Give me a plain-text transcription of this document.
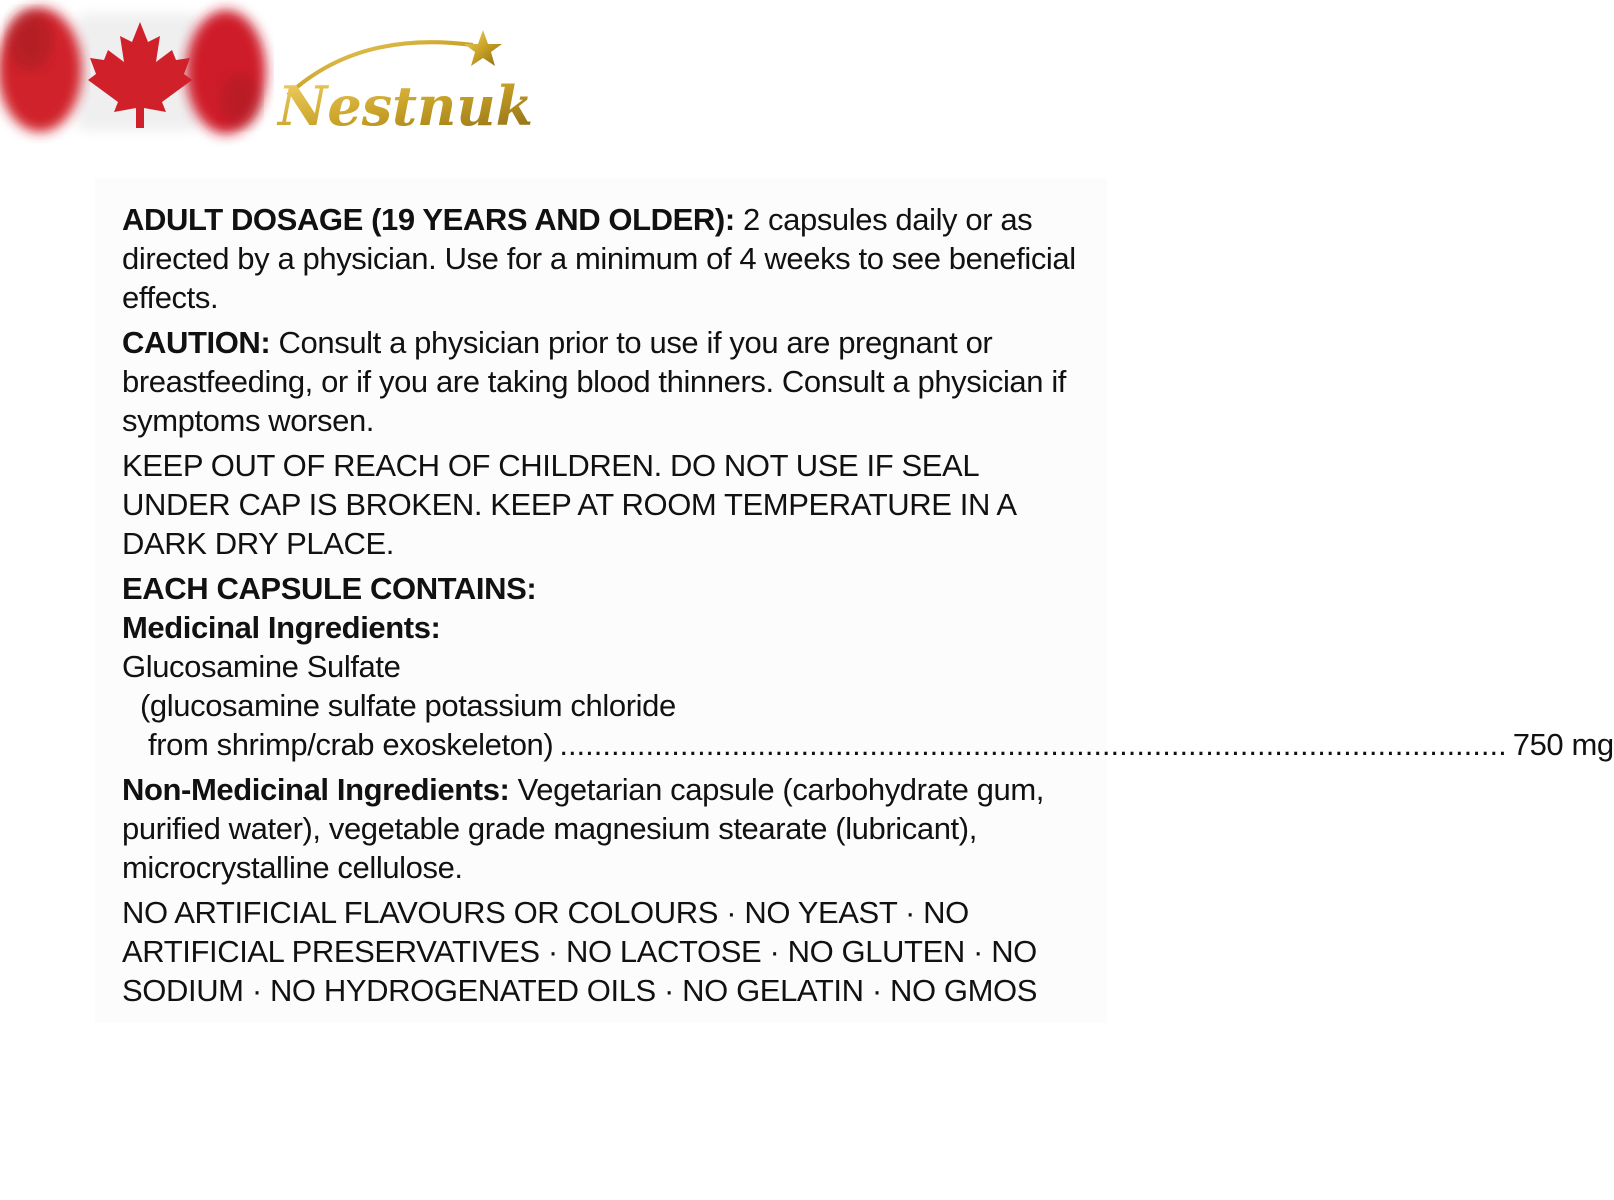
Nestnuk

ADULT DOSAGE (19 YEARS AND OLDER): 2 capsules daily or as directed by a physician. Use for a minimum of 4 weeks to see beneficial effects.

CAUTION: Consult a physician prior to use if you are pregnant or breastfeeding, or if you are taking blood thinners. Consult a physician if symptoms worsen.

KEEP OUT OF REACH OF CHILDREN. DO NOT USE IF SEAL UNDER CAP IS BROKEN. KEEP AT ROOM TEMPERATURE IN A DARK DRY PLACE.

EACH CAPSULE CONTAINS:
Medicinal Ingredients:
Glucosamine Sulfate
(glucosamine sulfate potassium chloride
from shrimp/crab exoskeleton) .............................................................................................................. 750 mg

Non-Medicinal Ingredients: Vegetarian capsule (carbohydrate gum, purified water), vegetable grade magnesium stearate (lubricant), microcrystalline cellulose.

NO ARTIFICIAL FLAVOURS OR COLOURS · NO YEAST · NO ARTIFICIAL PRESERVATIVES · NO LACTOSE · NO GLUTEN · NO SODIUM · NO HYDROGENATED OILS · NO GELATIN · NO GMOS
